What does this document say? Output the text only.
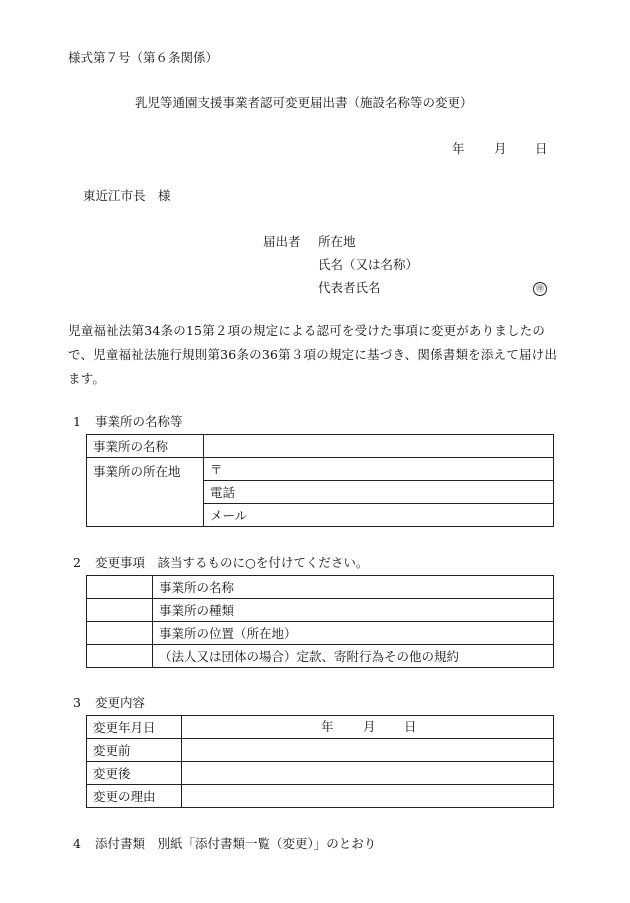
様式第７号（第６条関係）
乳児等通園支援事業者認可変更届出書（施設名称等の変更）
年 月 日
東近江市長　様
届出者 所在地
氏名（又は名称）
代表者氏名	㊞
児童福祉法第34条の15第２項の規定による認可を受けた事項に変更がありましたので、児童福祉法施行規則第36条の36第３項の規定に基づき、関係書類を添えて届け出ます。
1 事業所の名称等
事業所の名称	
事業所の所在地	〒
	電話
	メール
2 変更事項　該当するものに○を付けてください。
	事業所の名称
	事業所の種類
	事業所の位置（所在地）
	（法人又は団体の場合）定款、寄附行為その他の規約
3 変更内容
変更年月日	年 月 日

変更前	
変更後	
変更の理由	
4 添付書類　別紙「添付書類一覧（変更）」のとおり
